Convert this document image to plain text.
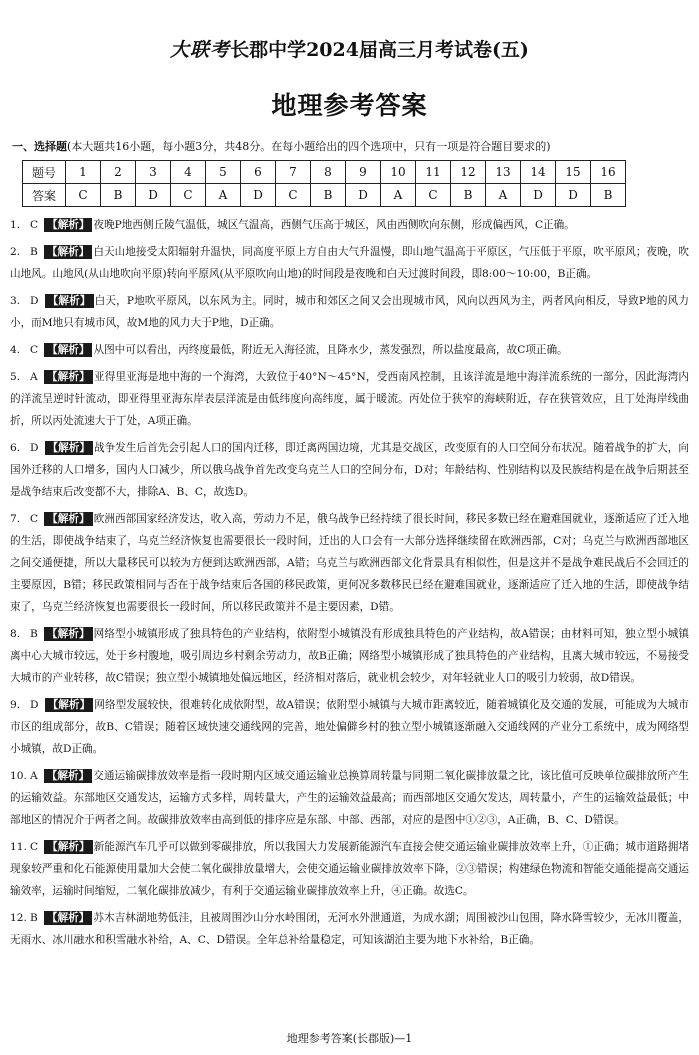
大联考长郡中学2024届高三月考试卷(五)
地理参考答案
一、选择题(本大题共16小题，每小题3分，共48分。在每小题给出的四个选项中，只有一项是符合题目要求的)
题号	1	2	3	4	5	6	7	8	9	10	11	12	13	14	15	16
答案	C	B	D	C	A	D	C	B	D	A	C	B	A	D	D	B
1. C 【解析】 夜晚P地西侧丘陵气温低，城区气温高，西侧气压高于城区，风由西侧吹向东侧，形成偏西风，C正确。
2. B 【解析】 白天山地接受太阳辐射升温快，同高度平原上方自由大气升温慢，即山地气温高于平原区，气压低于平原，吹平原风；夜晚，吹山地风。山地风(从山地吹向平原)转向平原风(从平原吹向山地)的时间段是夜晚和白天过渡时间段，即8:00～10:00，B正确。
3. D 【解析】 白天，P地吹平原风，以东风为主。同时，城市和郊区之间又会出现城市风，风向以西风为主，两者风向相反，导致P地的风力小，而M地只有城市风，故M地的风力大于P地，D正确。
4. C 【解析】 从图中可以看出，丙终度最低，附近无入海径流，且降水少，蒸发强烈，所以盐度最高，故C项正确。
5. A 【解析】 亚得里亚海是地中海的一个海湾，大致位于40°N～45°N，受西南风控制，且该洋流是地中海洋流系统的一部分，因此海湾内的洋流呈逆时针流动，即亚得里亚海东岸表层洋流是由低纬度向高纬度，属于暖流。丙处位于狭窄的海峡附近，存在狭管效应，且丁处海岸线曲折，所以丙处流速大于丁处，A项正确。
6. D 【解析】 战争发生后首先会引起人口的国内迁移，即迁离两国边境，尤其是交战区，改变原有的人口空间分布状况。随着战争的扩大，向国外迁移的人口增多，国内人口减少，所以俄乌战争首先改变乌克兰人口的空间分布，D对；年龄结构、性别结构以及民族结构是在战争后期甚至是战争结束后改变都不大，排除A、B、C，故选D。
7. C 【解析】 欧洲西部国家经济发达，收入高，劳动力不足，俄乌战争已经持续了很长时间，移民多数已经在避难国就业，逐渐适应了迁入地的生活，即使战争结束了，乌克兰经济恢复也需要很长一段时间，迁出的人口会有一大部分选择继续留在欧洲西部，C对；乌克兰与欧洲西部地区之间交通便捷，所以大量移民可以较为方便到达欧洲西部，A错；乌克兰与欧洲西部文化背景具有相似性，但是这并不是战争难民战后不会回迁的主要原因，B错；移民政策相同与否在于战争结束后各国的移民政策，更何况多数移民已经在避难国就业，逐渐适应了迁入地的生活，即使战争结束了，乌克兰经济恢复也需要很长一段时间，所以移民政策并不是主要因素，D错。
8. B 【解析】 网络型小城镇形成了独具特色的产业结构，依附型小城镇没有形成独具特色的产业结构，故A错误；由材料可知，独立型小城镇离中心大城市较远，处于乡村腹地，吸引周边乡村剩余劳动力，故B正确；网络型小城镇形成了独具特色的产业结构，且离大城市较远，不易接受大城市的产业转移，故C错误；独立型小城镇地处偏远地区，经济相对落后，就业机会较少，对年轻就业人口的吸引力较弱，故D错误。
9. D 【解析】 网络型发展较快，很难转化成依附型，故A错误；依附型小城镇与大城市距离较近，随着城镇化及交通的发展，可能成为大城市市区的组成部分，故B、C错误；随着区域快速交通线网的完善，地处偏僻乡村的独立型小城镇逐渐融入交通线网的产业分工系统中，成为网络型小城镇，故D正确。
10. A 【解析】 交通运输碳排放效率是指一段时期内区域交通运输业总换算周转量与同期二氧化碳排放量之比，该比值可反映单位碳排放所产生的运输效益。东部地区交通发达，运输方式多样，周转量大，产生的运输效益最高；而西部地区交通欠发达，周转量小，产生的运输效益最低；中部地区的情况介于两者之间。故碳排放效率由高到低的排序应是东部、中部、西部，对应的是图中①②③，A正确，B、C、D错误。
11. C 【解析】 新能源汽车几乎可以做到零碳排放，所以我国大力发展新能源汽车直接会使交通运输业碳排放效率上升，①正确；城市道路拥堵现象较严重和化石能源使用量加大会使二氧化碳排放量增大，会使交通运输业碳排放效率下降，②③错误；构建绿色物流和智能交通能提高交通运输效率，运输时间缩短，二氧化碳排放减少，有利于交通运输业碳排放效率上升，④正确。故选C。
12. B 【解析】 苏木吉林湖地势低洼，且被周围沙山分水岭围闭，无河水外泄通道，为成水湖；周围被沙山包围，降水降雪较少，无冰川覆盖，无雨水、冰川融水和积雪融水补给，A、C、D错误。全年总补给量稳定，可知该湖泊主要为地下水补给，B正确。
地理参考答案(长郡版)—1
